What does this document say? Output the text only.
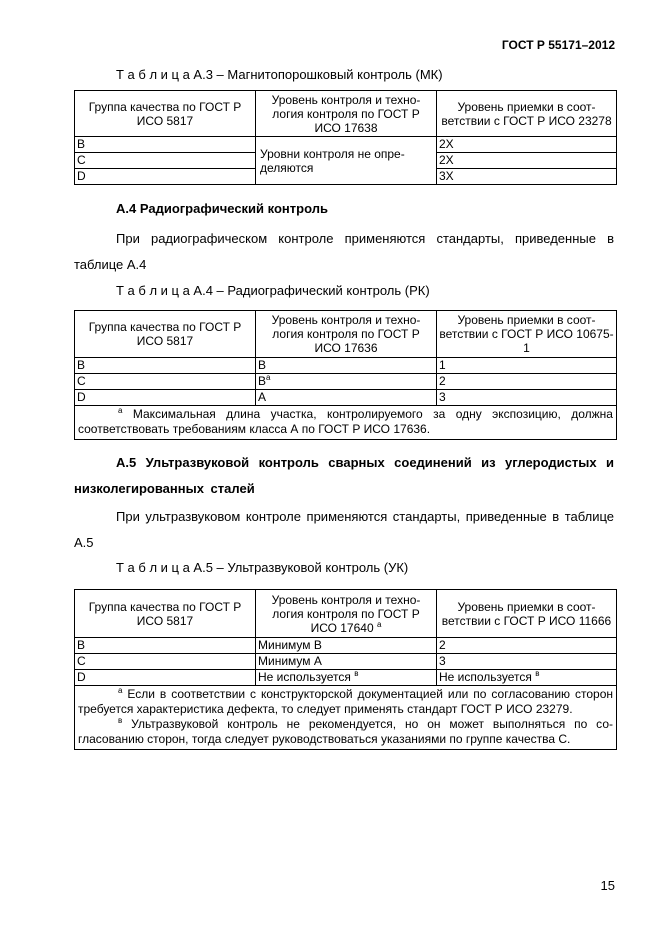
ГОСТ Р 55171–2012
Т а б л и ц а А.3 – Магнитопорошковый контроль (МК)
Группа качества по ГОСТ Р ИСО 5817	Уровень контроля и техно-логия контроля по ГОСТ Р ИСО 17638	Уровень приемки в соот-ветствии с ГОСТ Р ИСО 23278
B	Уровни контроля не опре-деляются	2X
C		2X
D		3X
А.4 Радиографический контроль
При радиографическом контроле применяются стандарты, приведенные в таблице А.4
Т а б л и ц а А.4 – Радиографический контроль (РК)
Группа качества по ГОСТ Р ИСО 5817	Уровень контроля и техно-логия контроля по ГОСТ Р ИСО 17636	Уровень приемки в соот-ветствии с ГОСТ Р ИСО 10675-1
B	B	1
C	$B^a$	2
D	A	3

$^a$ Максимальная длина участка, контролируемого за одну экспозицию, должна соответствовать требованиям класса А по ГОСТ Р ИСО 17636.		
А.5 Ультразвуковой контроль сварных соединений из углеродистых и низколегированных сталей
При ультразвуковом контроле применяются стандарты, приведенные в таблице А.5
Т а б л и ц а А.5 – Ультразвуковой контроль (УК)
Группа качества по ГОСТ Р ИСО 5817	Уровень контроля и техно-логия контроля по ГОСТ Р ИСО 17640 $^a$	Уровень приемки в соот-ветствии с ГОСТ Р ИСО 11666
B	Минимум В	2
C	Минимум А	3
D	Не используется $^в$	Не используется $^в$

$^а$ Если в соответствии с конструкторской документацией или по согласованию сторон требуется характеристика дефекта, то следует применять стандарт ГОСТ Р ИСО 23279.
$^в$ Ультразвуковой контроль не рекомендуется, но он может выполняться по со-гласованию сторон, тогда следует руководствоваться указаниями по группе качества С.		
15
